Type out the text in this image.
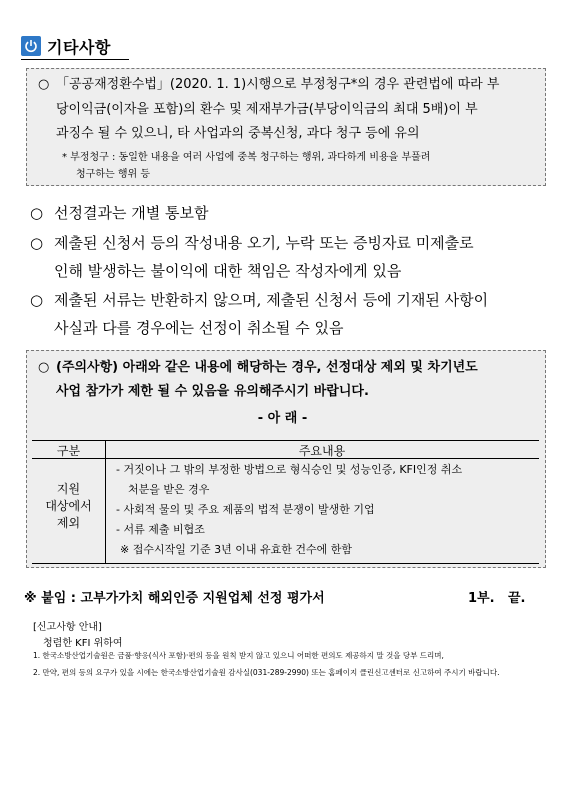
기타사항
○ 「공공재정환수법」(2020. 1. 1)시행으로 부정청구*의 경우 관련법에 따라 부
당이익금(이자을 포함)의 환수 및 제재부가금(부당이익금의 최대 5배)이 부
과징수 될 수 있으니, 타 사업과의 중복신청, 과다 청구 등에 유의
* 부정청구 : 동일한 내용을 여러 사업에 중복 청구하는 행위, 과다하게 비용을 부풀려
청구하는 행위 등
○ 선정결과는 개별 통보함
○ 제출된 신청서 등의 작성내용 오기, 누락 또는 증빙자료 미제출로
인해 발생하는 불이익에 대한 책임은 작성자에게 있음
○ 제출된 서류는 반환하지 않으며, 제출된 신청서 등에 기재된 사항이
사실과 다를 경우에는 선정이 취소될 수 있음
○ (주의사항) 아래와 같은 내용에 해당하는 경우, 선정대상 제외 및 차기년도
사업 참가가 제한 될 수 있음을 유의해주시기 바랍니다.
- 아 래 -
구분	주요내용
지원
대상에서
제외
- 거짓이나 그 밖의 부정한 방법으로 형식승인 및 성능인증, KFI인정 취소
처분을 받은 경우
- 사회적 물의 및 주요 제품의 법적 분쟁이 발생한 기업
- 서류 제출 비협조
※ 접수시작일 기준 3년 이내 유효한 건수에 한함
※ 붙임 : 고부가가치 해외인증 지원업체 선정 평가서	1부. 끝.
[신고사항 안내]
청렴한 KFI 위하여
1. 한국소방산업기술원은 금품·향응(식사 포함)·편의 등을 원칙 받지 않고 있으니 어떠한 편의도 제공하지 말 것을 당부 드리며,
2. 만약, 편의 등의 요구가 있을 시에는 한국소방산업기술원 감사실(031-289-2990) 또는 홈페이지 클린신고센터로 신고하여 주시기 바랍니다.
